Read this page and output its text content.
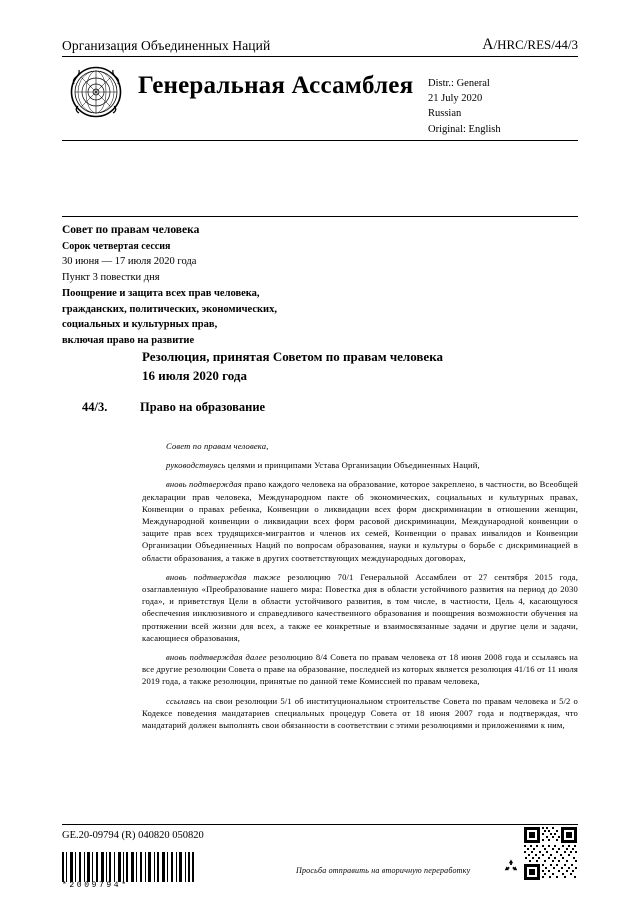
Организация Объединенных Наций	A/HRC/RES/44/3
Генеральная Ассамблея	Distr.: General
21 July 2020
Russian
Original: English
Совет по правам человека
Сорок четвертая сессия
30 июня — 17 июля 2020 года
Пункт 3 повестки дня
Поощрение и защита всех прав человека,
гражданских, политических, экономических,
социальных и культурных прав,
включая право на развитие
Резолюция, принятая Советом по правам человека
16 июля 2020 года
44/3.	Право на образование

Совет по правам человека,

руководствуясь целями и принципами Устава Организации Объединенных Наций,

вновь подтверждая право каждого человека на образование, которое закреплено, в частности, во Всеобщей декларации прав человека, Международном пакте об экономических, социальных и культурных правах, Конвенции о правах ребенка, Конвенции о ликвидации всех форм дискриминации в отношении женщин, Международной конвенции о ликвидации всех форм расовой дискриминации, Международной конвенции о защите прав всех трудящихся-мигрантов и членов их семей, Конвенции о правах инвалидов и Конвенции Организации Объединенных Наций по вопросам образования, науки и культуры о борьбе с дискриминацией в области образования, а также в других соответствующих международных договорах,

вновь подтверждая также резолюцию 70/1 Генеральной Ассамблеи от 27 сентября 2015 года, озаглавленную «Преобразование нашего мира: Повестка дня в области устойчивого развития на период до 2030 года», и приветствуя Цели в области устойчивого развития, в том числе, в частности, Цель 4, касающуюся обеспечения инклюзивного и справедливого качественного образования и поощрения возможности обучения на протяжении всей жизни для всех, а также ее конкретные и взаимосвязанные задачи и другие цели и задачи, касающиеся образования,

вновь подтверждая далее резолюцию 8/4 Совета по правам человека от 18 июня 2008 года и ссылаясь на все другие резолюции Совета о праве на образование, последней из которых является резолюция 41/16 от 11 июля 2019 года, а также резолюции, принятые по данной теме Комиссией по правам человека,

ссылаясь на свои резолюции 5/1 об институциональном строительстве Совета по правам человека и 5/2 о Кодексе поведения мандатариев специальных процедур Совета от 18 июня 2007 года и подтверждая, что мандатарий должен выполнять свои обязанности в соответствии с этими резолюциями и приложениями к ним,

GE.20-09794 (R) 040820 050820
*2009794*
Просьба отправить на вторичную переработку
